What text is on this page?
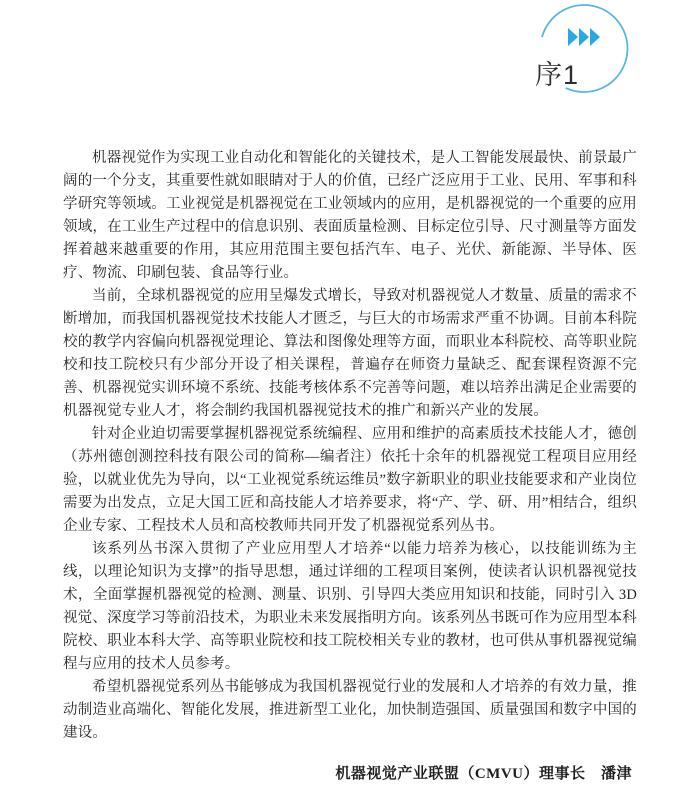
序1

机器视觉作为实现工业自动化和智能化的关键技术，是人工智能发展最快、前景最广阔的一个分支，其重要性就如眼睛对于人的价值，已经广泛应用于工业、民用、军事和科学研究等领域。工业视觉是机器视觉在工业领域内的应用，是机器视觉的一个重要的应用领域，在工业生产过程中的信息识别、表面质量检测、目标定位引导、尺寸测量等方面发挥着越来越重要的作用，其应用范围主要包括汽车、电子、光伏、新能源、半导体、医疗、物流、印刷包装、食品等行业。

当前，全球机器视觉的应用呈爆发式增长，导致对机器视觉人才数量、质量的需求不断增加，而我国机器视觉技术技能人才匮乏，与巨大的市场需求严重不协调。目前本科院校的教学内容偏向机器视觉理论、算法和图像处理等方面，而职业本科院校、高等职业院校和技工院校只有少部分开设了相关课程，普遍存在师资力量缺乏、配套课程资源不完善、机器视觉实训环境不系统、技能考核体系不完善等问题，难以培养出满足企业需要的机器视觉专业人才，将会制约我国机器视觉技术的推广和新兴产业的发展。

针对企业迫切需要掌握机器视觉系统编程、应用和维护的高素质技术技能人才，德创（苏州德创测控科技有限公司的简称—编者注）依托十余年的机器视觉工程项目应用经验，以就业优先为导向，以“工业视觉系统运维员”数字新职业的职业技能要求和产业岗位需要为出发点，立足大国工匠和高技能人才培养要求，将“产、学、研、用”相结合，组织企业专家、工程技术人员和高校教师共同开发了机器视觉系列丛书。

该系列丛书深入贯彻了产业应用型人才培养“以能力培养为核心，以技能训练为主线，以理论知识为支撑”的指导思想，通过详细的工程项目案例，使读者认识机器视觉技术，全面掌握机器视觉的检测、测量、识别、引导四大类应用知识和技能，同时引入 3D 视觉、深度学习等前沿技术，为职业未来发展指明方向。该系列丛书既可作为应用型本科院校、职业本科大学、高等职业院校和技工院校相关专业的教材，也可供从事机器视觉编程与应用的技术人员参考。

希望机器视觉系列丛书能够成为我国机器视觉行业的发展和人才培养的有效力量，推动制造业高端化、智能化发展，推进新型工业化，加快制造强国、质量强国和数字中国的建设。

机器视觉产业联盟（CMVU）理事长　潘津
